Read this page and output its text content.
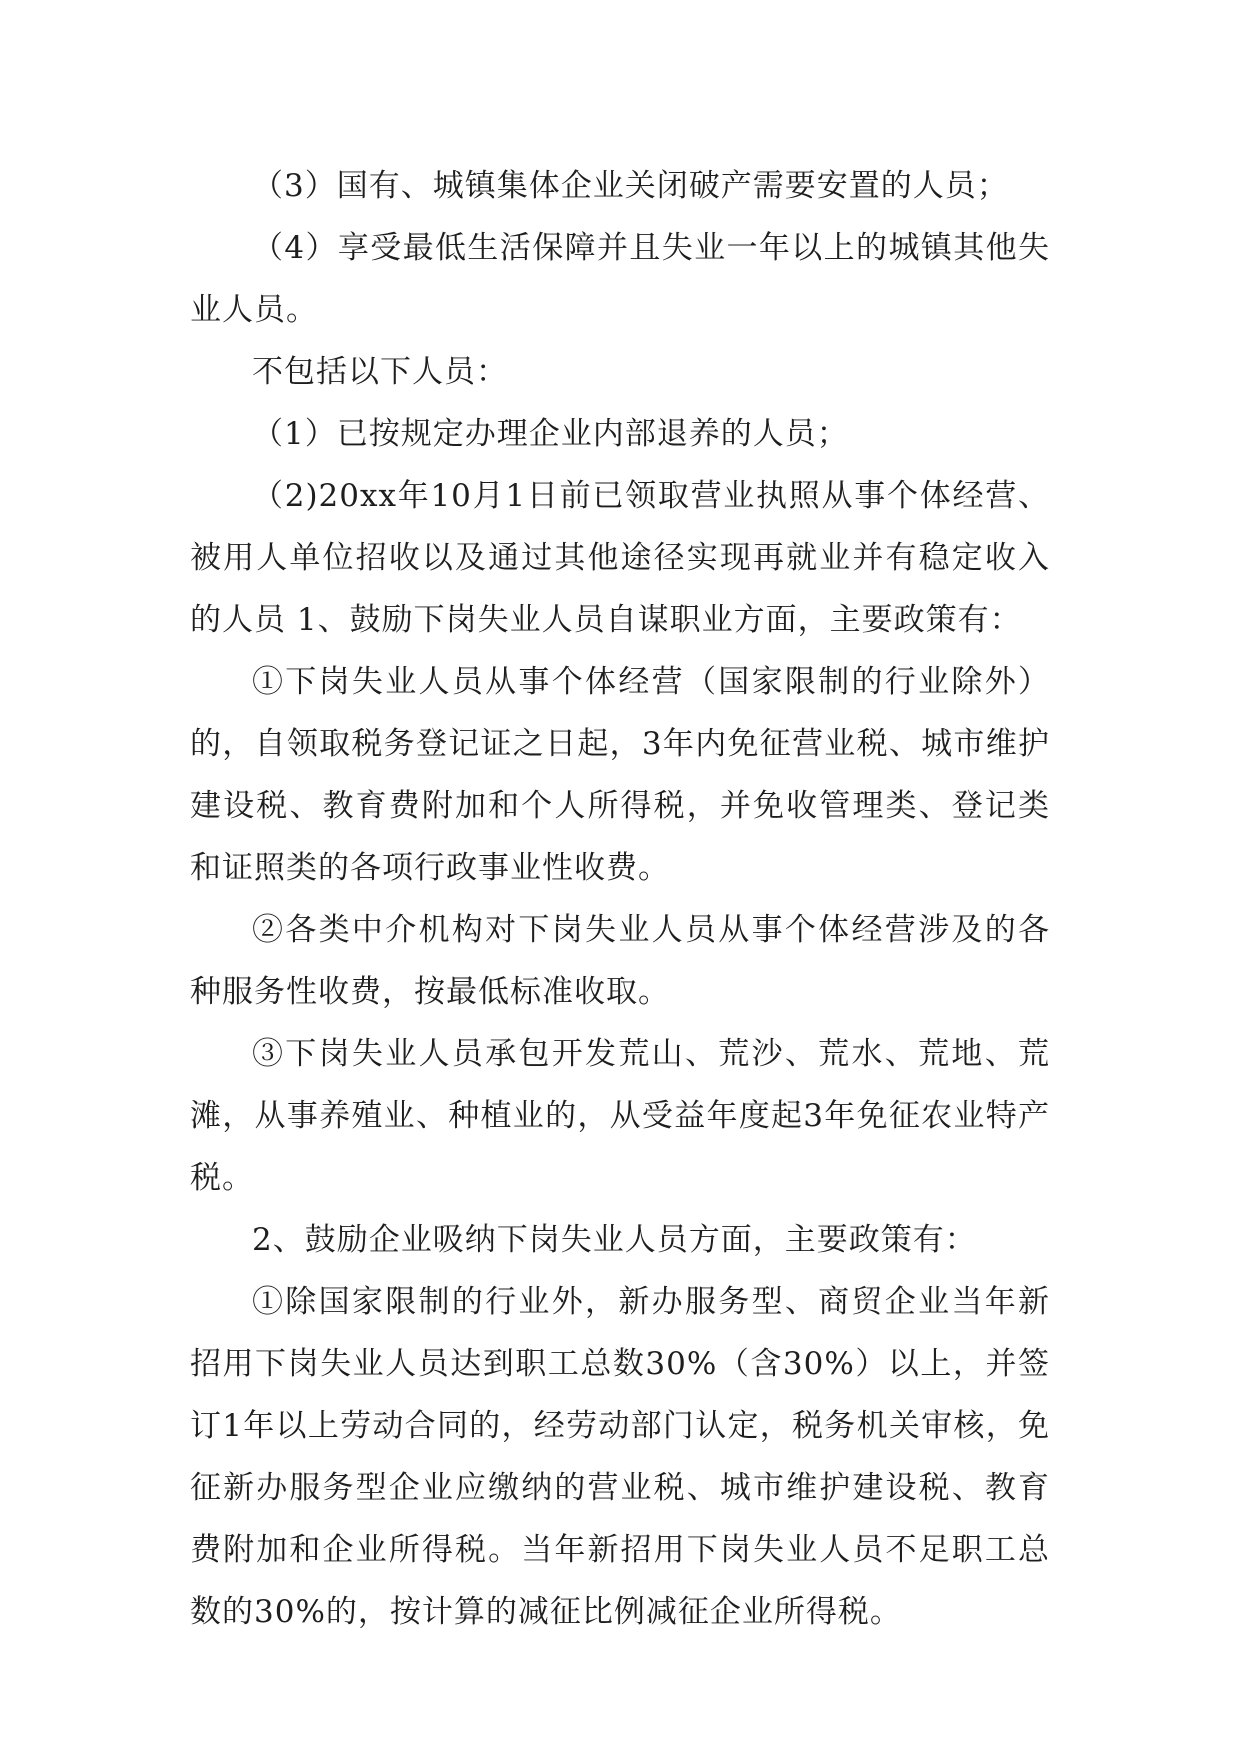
（3）国有、城镇集体企业关闭破产需要安置的人员；

（4）享受最低生活保障并且失业一年以上的城镇其他失业人员。

不包括以下人员：

（1）已按规定办理企业内部退养的人员；

（2)20xx年10月1日前已领取营业执照从事个体经营、被用人单位招收以及通过其他途径实现再就业并有稳定收入的人员 1、鼓励下岗失业人员自谋职业方面，主要政策有：

①下岗失业人员从事个体经营（国家限制的行业除外）的，自领取税务登记证之日起，3年内免征营业税、城市维护建设税、教育费附加和个人所得税，并免收管理类、登记类和证照类的各项行政事业性收费。

②各类中介机构对下岗失业人员从事个体经营涉及的各种服务性收费，按最低标准收取。

③下岗失业人员承包开发荒山、荒沙、荒水、荒地、荒滩，从事养殖业、种植业的，从受益年度起3年免征农业特产税。

2、鼓励企业吸纳下岗失业人员方面，主要政策有：

①除国家限制的行业外，新办服务型、商贸企业当年新招用下岗失业人员达到职工总数30%（含30%）以上，并签订1年以上劳动合同的，经劳动部门认定，税务机关审核，免征新办服务型企业应缴纳的营业税、城市维护建设税、教育费附加和企业所得税。当年新招用下岗失业人员不足职工总数的30%的，按计算的减征比例减征企业所得税。
